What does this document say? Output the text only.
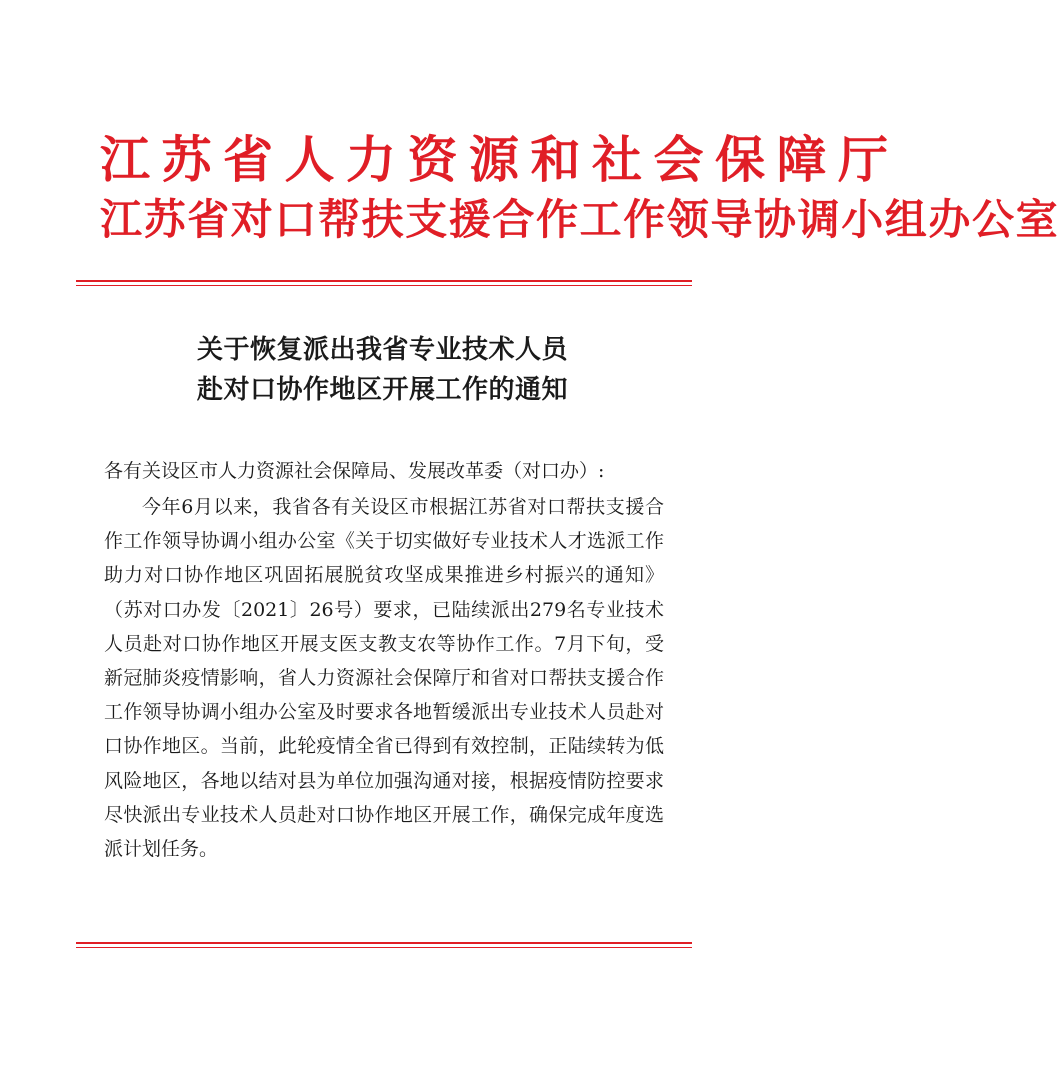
江苏省人力资源和社会保障厅
江苏省对口帮扶支援合作工作领导协调小组办公室
关于恢复派出我省专业技术人员
赴对口协作地区开展工作的通知
各有关设区市人力资源社会保障局、发展改革委（对口办）:
今年6月以来，我省各有关设区市根据江苏省对口帮扶支援合作工作领导协调小组办公室《关于切实做好专业技术人才选派工作助力对口协作地区巩固拓展脱贫攻坚成果推进乡村振兴的通知》（苏对口办发〔2021〕26号）要求，已陆续派出279名专业技术人员赴对口协作地区开展支医支教支农等协作工作。7月下旬，受新冠肺炎疫情影响，省人力资源社会保障厅和省对口帮扶支援合作工作领导协调小组办公室及时要求各地暂缓派出专业技术人员赴对口协作地区。当前，此轮疫情全省已得到有效控制，正陆续转为低风险地区，各地以结对县为单位加强沟通对接，根据疫情防控要求尽快派出专业技术人员赴对口协作地区开展工作，确保完成年度选派计划任务。
